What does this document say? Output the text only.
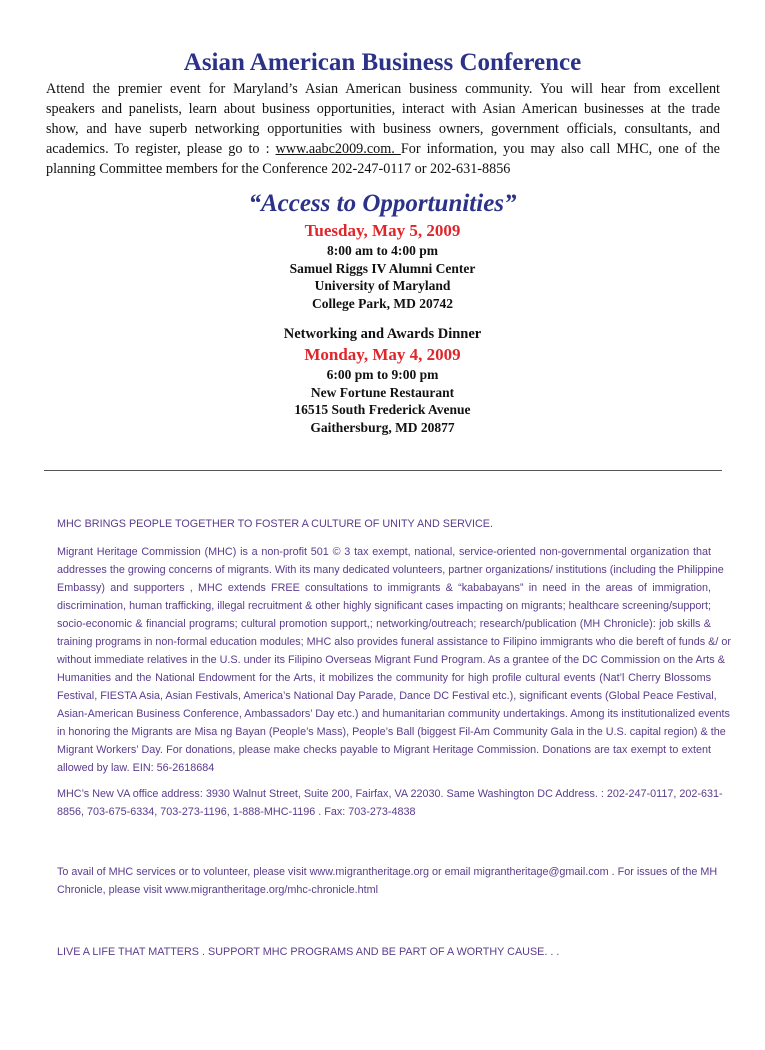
Asian American Business Conference
Attend the premier event for Maryland’s Asian American business community. You will hear from excellent
speakers and panelists, learn about business opportunities, interact with Asian American businesses at the trade
show, and have superb networking opportunities with business owners, government officials, consultants, and
academics. To register, please go to : www.aabc2009.com. For information, you may also call MHC, one of the
planning Committee members for the Conference 202-247-0117 or 202-631-8856
“Access to Opportunities”
Tuesday, May 5, 2009
8:00 am to 4:00 pm
Samuel Riggs IV Alumni Center
University of Maryland
College Park, MD 20742
Networking and Awards Dinner
Monday, May 4, 2009
6:00 pm to 9:00 pm
New Fortune Restaurant
16515 South Frederick Avenue
Gaithersburg, MD 20877

MHC BRINGS PEOPLE TOGETHER TO FOSTER A CULTURE OF UNITY AND SERVICE.

Migrant Heritage Commission (MHC) is a non-profit 501 © 3 tax exempt, national, service-oriented non-governmental organization that
addresses the growing concerns of migrants. With its many dedicated volunteers, partner organizations/ institutions (including the Philippine
Embassy) and supporters , MHC extends FREE consultations to immigrants & “kababayans” in need in the areas of immigration,
discrimination, human trafficking, illegal recruitment & other highly significant cases impacting on migrants; healthcare screening/support;
socio-economic & financial programs; cultural promotion support,; networking/outreach; research/publication (MH Chronicle): job skills &
training programs in non-formal education modules; MHC also provides funeral assistance to Filipino immigrants who die bereft of funds &/ or
without immediate relatives in the U.S. under its Filipino Overseas Migrant Fund Program. As a grantee of the DC Commission on the Arts &
Humanities and the National Endowment for the Arts, it mobilizes the community for high profile cultural events (Nat’l Cherry Blossoms
Festival, FIESTA Asia, Asian Festivals, America’s National Day Parade, Dance DC Festival etc.), significant events (Global Peace Festival,
Asian-American Business Conference, Ambassadors’ Day etc.) and humanitarian community undertakings. Among its institutionalized events
in honoring the Migrants are Misa ng Bayan (People’s Mass), People’s Ball (biggest Fil-Am Community Gala in the U.S. capital region) & the
Migrant Workers’ Day. For donations, please make checks payable to Migrant Heritage Commission. Donations are tax exempt to extent
allowed by law. EIN: 56-2618684
MHC’s New VA office address: 3930 Walnut Street, Suite 200, Fairfax, VA 22030. Same Washington DC Address. : 202-247-0117, 202-631-
8856, 703-675-6334, 703-273-1196, 1-888-MHC-1196 . Fax: 703-273-4838
To avail of MHC services or to volunteer, please visit www.migrantheritage.org or email migrantheritage@gmail.com . For issues of the MH
Chronicle, please visit www.migrantheritage.org/mhc-chronicle.html

LIVE A LIFE THAT MATTERS . SUPPORT MHC PROGRAMS AND BE PART OF A WORTHY CAUSE. . .
